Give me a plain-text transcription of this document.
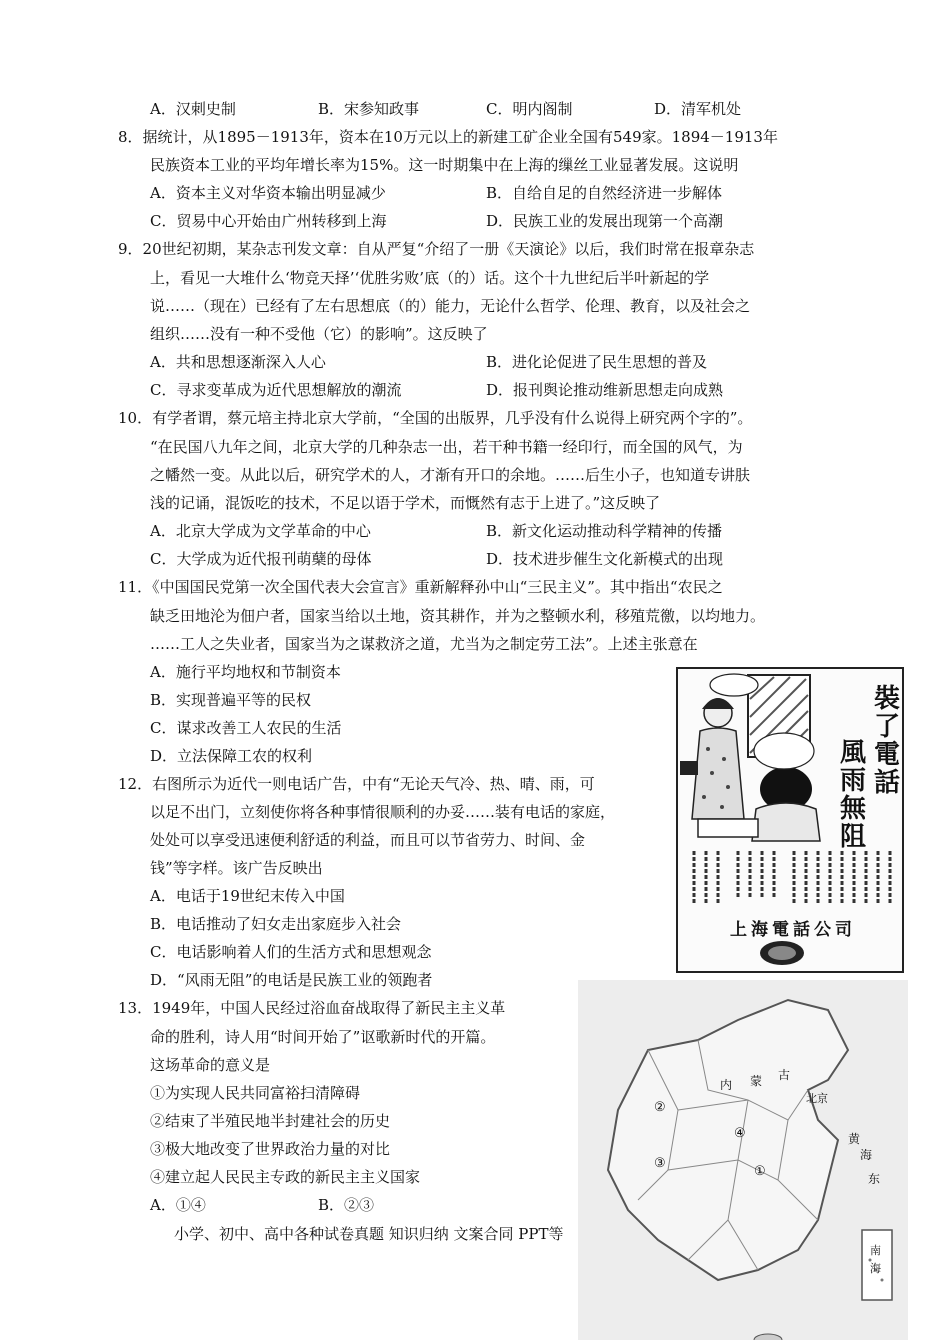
A．汉刺史制	B．宋参知政事	C．明内阁制	D．清军机处
8．据统计，从1895－1913年，资本在10万元以上的新建工矿企业全国有549家。1894－1913年
民族资本工业的平均年增长率为15%。这一时期集中在上海的缫丝工业显著发展。这说明
A．资本主义对华资本输出明显减少	B．自给自足的自然经济进一步解体
C．贸易中心开始由广州转移到上海	D．民族工业的发展出现第一个高潮
9．20世纪初期，某杂志刊发文章：自从严复“介绍了一册《天演论》以后，我们时常在报章杂志
上，看见一大堆什么‘物竞天择’‘优胜劣败’底（的）话。这个十九世纪后半叶新起的学
说……（现在）已经有了左右思想底（的）能力，无论什么哲学、伦理、教育，以及社会之
组织……没有一种不受他（它）的影响”。这反映了
A．共和思想逐渐深入人心	B．进化论促进了民生思想的普及
C．寻求变革成为近代思想解放的潮流	D．报刊舆论推动维新思想走向成熟
10．有学者谓，蔡元培主持北京大学前，“全国的出版界，几乎没有什么说得上研究两个字的”。
“在民国八九年之间，北京大学的几种杂志一出，若干种书籍一经印行，而全国的风气，为
之幡然一变。从此以后，研究学术的人，才渐有开口的余地。……后生小子，也知道专讲肤
浅的记诵，混饭吃的技术，不足以语于学术，而慨然有志于上进了。”这反映了
A．北京大学成为文学革命的中心	B．新文化运动推动科学精神的传播
C．大学成为近代报刊萌蘖的母体	D．技术进步催生文化新模式的出现
11．《中国国民党第一次全国代表大会宣言》重新解释孙中山“三民主义”。其中指出“农民之
缺乏田地沦为佃户者，国家当给以土地，资其耕作，并为之整顿水利，移殖荒徼，以均地力。
……工人之失业者，国家当为之谋救济之道，尤当为之制定劳工法”。上述主张意在
A．施行平均地权和节制资本
B．实现普遍平等的民权
C．谋求改善工人农民的生活
D．立法保障工农的权利
12．右图所示为近代一则电话广告，中有“无论天气冷、热、晴、雨，可
以足不出门，立刻使你将各种事情很顺利的办妥……装有电话的家庭，
处处可以享受迅速便利舒适的利益，而且可以节省劳力、时间、金
钱”等字样。该广告反映出
A．电话于19世纪末传入中国
B．电话推动了妇女走出家庭步入社会
C．电话影响着人们的生活方式和思想观念
D．“风雨无阻”的电话是民族工业的领跑者
13．1949年，中国人民经过浴血奋战取得了新民主主义革
命的胜利，诗人用“时间开始了”讴歌新时代的开篇。
这场革命的意义是
①为实现人民共同富裕扫清障碍
②结束了半殖民地半封建社会的历史
③极大地改变了世界政治力量的对比
④建立起人民民主专政的新民主主义国家
A．①④	B．②③
小学、初中、高中各种试卷真题 知识归纳 文案合同 PPT等
裝
了
電
話
風
雨
無
阻
上海電話公司
②
③
④
①
内 蒙 古
北京
黄
东
海
南
海
